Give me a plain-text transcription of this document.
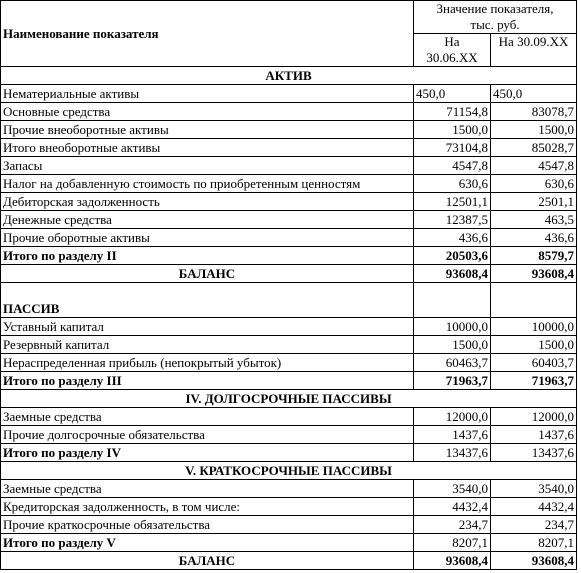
Наименование показателя	Значение показателя,
тыс. руб.	

	На
30.06.XX	На 30.09.XX
АКТИВ		
Нематериальные активы	450,0	450,0
Основные средства	71154,8	83078,7
Прочие внеоборотные активы	1500,0	1500,0
Итого внеоборотные активы	73104,8	85028,7
Запасы	4547,8	4547,8
Налог на добавленную стоимость по приобретенным ценностям	630,6	630,6
Дебиторская задолженность	12501,1	2501,1
Денежные средства	12387,5	463,5
Прочие оборотные активы	436,6	436,6
Итого по разделу II	20503,6	8579,7
БАЛАНС	93608,4	93608,4
ПАССИВ		
Уставный капитал	10000,0	10000,0
Резервный капитал	1500,0	1500,0
Нераспределенная прибыль (непокрытый убыток)	60463,7	60403,7
Итого по разделу III	71963,7	71963,7
IV. ДОЛГОСРОЧНЫЕ ПАССИВЫ		
Заемные средства	12000,0	12000,0
Прочие долгосрочные обязательства	1437,6	1437,6
Итого по разделу IV	13437,6	13437,6
V. КРАТКОСРОЧНЫЕ ПАССИВЫ		
Заемные средства	3540,0	3540,0
Кредиторская задолженность, в том числе:	4432,4	4432,4
Прочие краткосрочные обязательства	234,7	234,7
Итого по разделу V	8207,1	8207,1
БАЛАНС	93608,4	93608,4
